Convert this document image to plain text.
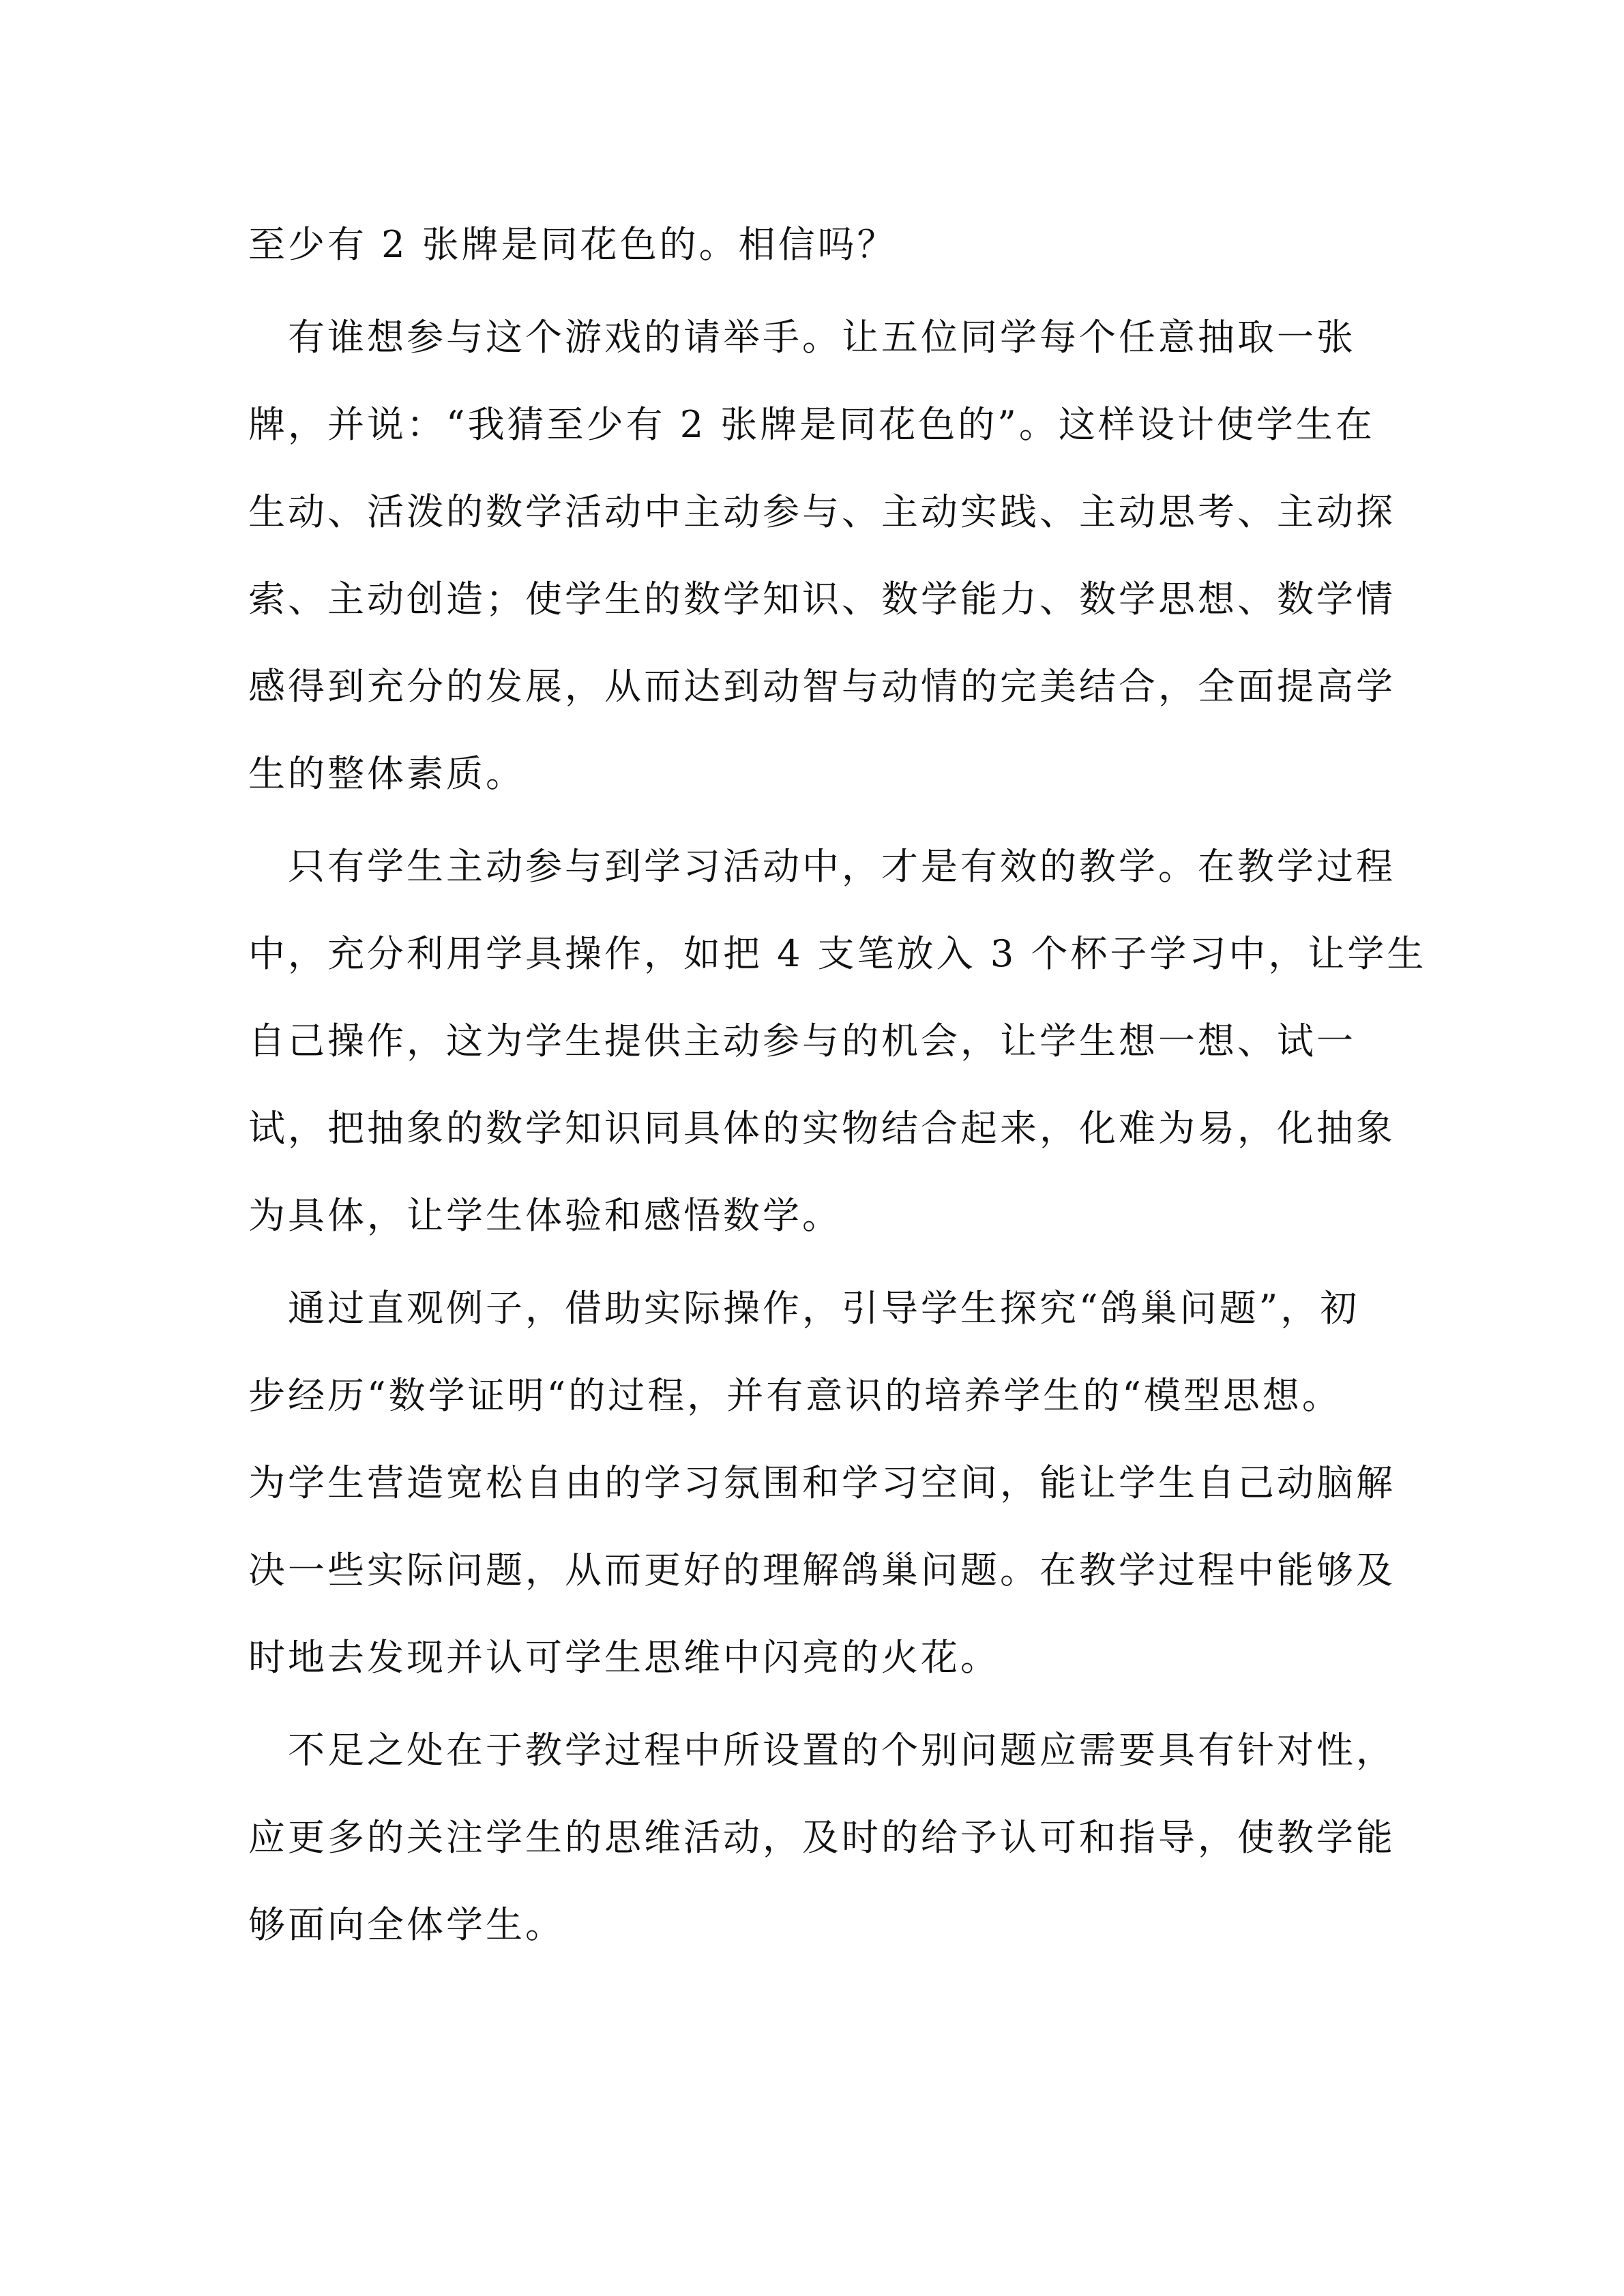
至少有 2 张牌是同花色的。相信吗？

　有谁想参与这个游戏的请举手。让五位同学每个任意抽取一张

牌，并说：“我猜至少有 2 张牌是同花色的”。这样设计使学生在

生动、活泼的数学活动中主动参与、主动实践、主动思考、主动探

索、主动创造；使学生的数学知识、数学能力、数学思想、数学情

感得到充分的发展，从而达到动智与动情的完美结合，全面提高学

生的整体素质。

　只有学生主动参与到学习活动中，才是有效的教学。在教学过程

中，充分利用学具操作，如把 4 支笔放入 3 个杯子学习中，让学生

自己操作，这为学生提供主动参与的机会，让学生想一想、试一

试，把抽象的数学知识同具体的实物结合起来，化难为易，化抽象

为具体，让学生体验和感悟数学。

　通过直观例子，借助实际操作，引导学生探究“鸽巢问题”，初

步经历“数学证明“的过程，并有意识的培养学生的“模型思想。

为学生营造宽松自由的学习氛围和学习空间，能让学生自己动脑解

决一些实际问题，从而更好的理解鸽巢问题。在教学过程中能够及

时地去发现并认可学生思维中闪亮的火花。

　不足之处在于教学过程中所设置的个别问题应需要具有针对性，

应更多的关注学生的思维活动，及时的给予认可和指导，使教学能

够面向全体学生。
